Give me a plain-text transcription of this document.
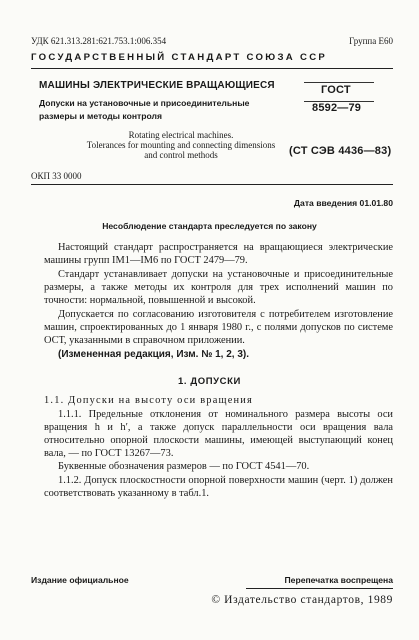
УДК 621.313.281:621.753.1:006.354	Группа Е60
ГОСУДАРСТВЕННЫЙ СТАНДАРТ СОЮЗА ССР
МАШИНЫ ЭЛЕКТРИЧЕСКИЕ ВРАЩАЮЩИЕСЯ
Допуски на установочные и присоединительные
размеры и методы контроля
ГОСТ
8592—79
Rotating electrical machines.
Tolerances for mounting and connecting dimensions
and control methods	(СТ СЭВ 4436—83)
ОКП 33 0000
Дата введения 01.01.80
Несоблюдение стандарта преследуется по закону
Настоящий стандарт распространяется на вращающиеся электрические машины групп IM1—IM6 по ГОСТ 2479—79.
Стандарт устанавливает допуски на установочные и присоединительные размеры, а также методы их контроля для трех исполнений машин по точности: нормальной, повышенной и высокой.
Допускается по согласованию изготовителя с потребителем изготовление машин, спроектированных до 1 января 1980 г., с полями допусков по системе ОСТ, указанными в справочном приложении.
(Измененная редакция, Изм. № 1, 2, 3).
1. ДОПУСКИ
1.1. Допуски на высоту оси вращения
1.1.1. Предельные отклонения от номинального размера высоты оси вращения h и h′, а также допуск параллельности оси вращения вала относительно опорной плоскости машины, имеющей выступающий конец вала, — по ГОСТ 13267—73.
Буквенные обозначения размеров — по ГОСТ 4541—70.
1.1.2. Допуск плоскостности опорной поверхности машин (черт. 1) должен соответствовать указанному в табл.1.
Издание официальное	Перепечатка воспрещена
© Издательство стандартов, 1989
